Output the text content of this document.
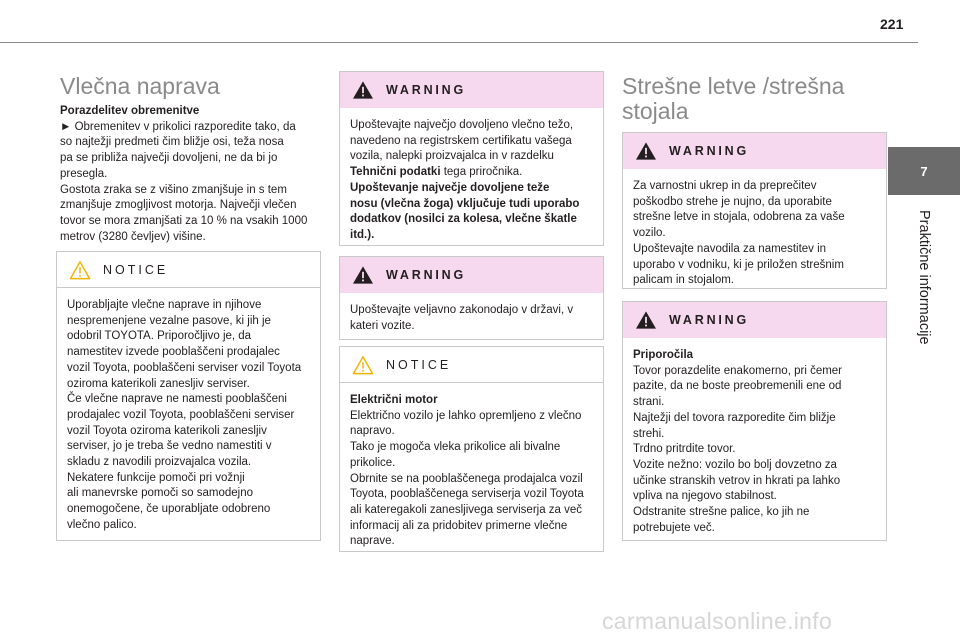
221
7
Praktične informacije
Vlečna naprava

Porazdelitev obremenitve

► Obremenitev v prikolici razporedite tako, da

so najtežji predmeti čim bližje osi, teža nosa

pa se približa največji dovoljeni, ne da bi jo

presegla.

Gostota zraka se z višino zmanjšuje in s tem

zmanjšuje zmogljivost motorja. Največji vlečen

tovor se mora zmanjšati za 10 % na vsakih 1000

metrov (3280 čevljev) višine.

NOTICE

Uporabljajte vlečne naprave in njihove

nespremenjene vezalne pasove, ki jih je

odobril TOYOTA. Priporočljivo je, da

namestitev izvede pooblaščeni prodajalec

vozil Toyota, pooblaščeni serviser vozil Toyota

oziroma katerikoli zanesljiv serviser.

Če vlečne naprave ne namesti pooblaščeni

prodajalec vozil Toyota, pooblaščeni serviser

vozil Toyota oziroma katerikoli zanesljiv

serviser, jo je treba še vedno namestiti v

skladu z navodili proizvajalca vozila.

Nekatere funkcije pomoči pri vožnji

ali manevrske pomoči so samodejno

onemogočene, če uporabljate odobreno

vlečno palico.

WARNING

Upoštevajte največjo dovoljeno vlečno težo,

navedeno na registrskem certifikatu vašega

vozila, nalepki proizvajalca in v razdelku

Tehnični podatki tega priročnika.

Upoštevanje največje dovoljene teže

nosu (vlečna žoga) vključuje tudi uporabo

dodatkov (nosilci za kolesa, vlečne škatle

itd.).

WARNING

Upoštevajte veljavno zakonodajo v državi, v

kateri vozite.

NOTICE

Električni motor

Električno vozilo je lahko opremljeno z vlečno

napravo.

Tako je mogoča vleka prikolice ali bivalne

prikolice.

Obrnite se na pooblaščenega prodajalca vozil

Toyota, pooblaščenega serviserja vozil Toyota

ali kateregakoli zanesljivega serviserja za več

informacij ali za pridobitev primerne vlečne

naprave.

Strešne letve /strešna
stojala
WARNING

Za varnostni ukrep in da preprečitev

poškodbo strehe je nujno, da uporabite

strešne letve in stojala, odobrena za vaše

vozilo.

Upoštevajte navodila za namestitev in

uporabo v vodniku, ki je priložen strešnim

palicam in stojalom.

WARNING

Priporočila

Tovor porazdelite enakomerno, pri čemer

pazite, da ne boste preobremenili ene od

strani.

Najtežji del tovora razporedite čim bližje

strehi.

Trdno pritrdite tovor.

Vozite nežno: vozilo bo bolj dovzetno za

učinke stranskih vetrov in hkrati pa lahko

vpliva na njegovo stabilnost.

Odstranite strešne palice, ko jih ne

potrebujete več.

carmanualsonline.info
